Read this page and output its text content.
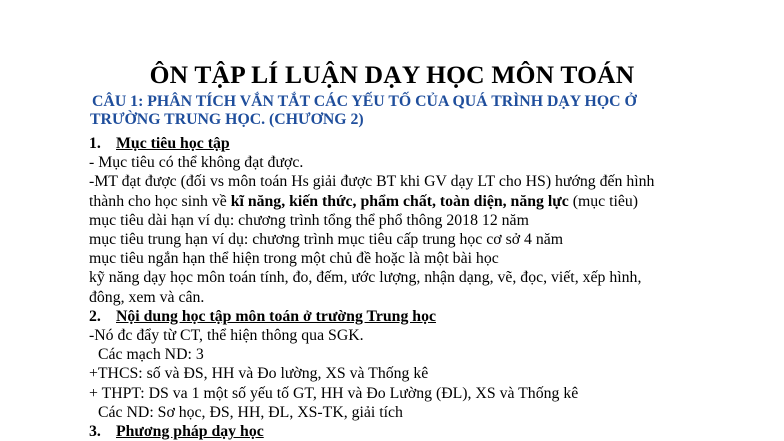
ÔN TẬP LÍ LUẬN DẠY HỌC MÔN TOÁN
CÂU 1: PHÂN TÍCH VẮN TẮT CÁC YẾU TỐ CỦA QUÁ TRÌNH DẠY HỌC Ở
TRƯỜNG TRUNG HỌC. (CHƯƠNG 2)
1. Mục tiêu học tập
- Mục tiêu có thể không đạt được.
-MT đạt được (đối vs môn toán Hs giải được BT khi GV dạy LT cho HS) hướng đến hình
thành cho học sinh về kĩ năng, kiến thức, phẩm chất, toàn diện, năng lực (mục tiêu)
mục tiêu dài hạn ví dụ: chương trình tổng thể phổ thông 2018 12 năm
mục tiêu trung hạn ví dụ: chương trình mục tiêu cấp trung học cơ sở 4 năm
mục tiêu ngắn hạn thể hiện trong một chủ đề hoặc là một bài học
kỹ năng dạy học môn toán tính, đo, đếm, ước lượng, nhận dạng, vẽ, đọc, viết, xếp hình,
đông, xem và cân.
2. Nội dung học tập môn toán ở trường Trung học
-Nó đc đẩy từ CT, thể hiện thông qua SGK.
Các mạch ND: 3
+THCS: số và ĐS, HH và Đo lường, XS và Thống kê
+ THPT: DS va 1 một số yếu tố GT, HH và Đo Lường (ĐL), XS và Thống kê
Các ND: Sơ học, ĐS, HH, ĐL, XS-TK, giải tích
3. Phương pháp dạy học
